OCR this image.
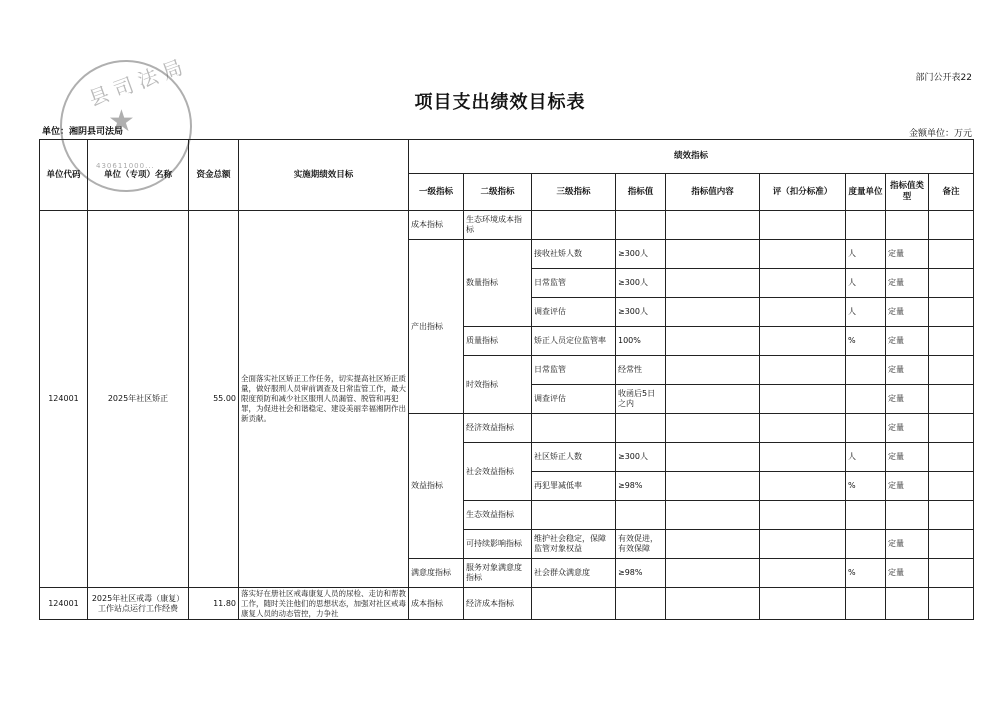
部门公开表22
项目支出绩效目标表
★
430611000...
县司法局
单位：湘阴县司法局	金额单位：万元
单位代码	单位（专项）名称	资金总额	实施期绩效目标	绩效指标								
				一级指标	二级指标	三级指标	指标值	指标值内容	评（扣分标准）	度量单位	指标值类型	备注
124001	2025年社区矫正	55.00	全面落实社区矫正工作任务，切实提高社区矫正质量，做好服刑人员审前调查及日常监管工作，最大限度预防和减少社区服刑人员漏管、脱管和再犯罪，为促进社会和谐稳定、建设美丽幸福湘阴作出新贡献。	成本指标	生态环境成本指标							
				产出指标	数量指标	接收社矫人数	≥300人			人	定量	
						日常监管	≥300人			人	定量	
						调查评估	≥300人			人	定量	
					质量指标	矫正人员定位监管率	100%			%	定量	
					时效指标	日常监管	经常性				定量	
						调查评估	收函后5日之内				定量	
				效益指标	经济效益指标						定量	
					社会效益指标	社区矫正人数	≥300人			人	定量	
						再犯罪减低率	≥98%			%	定量	
					生态效益指标							
					可持续影响指标	维护社会稳定，保障监管对象权益	有效促进，有效保障				定量	
				满意度指标	服务对象满意度指标	社会群众满意度	≥98%			%	定量	
124001	2025年社区戒毒（康复）工作站点运行工作经费	11.80	落实好在册社区戒毒康复人员的尿检、走访和帮教工作，随时关注他们的思想状态，加强对社区戒毒康复人员的动态管控，力争社	成本指标	经济成本指标							
